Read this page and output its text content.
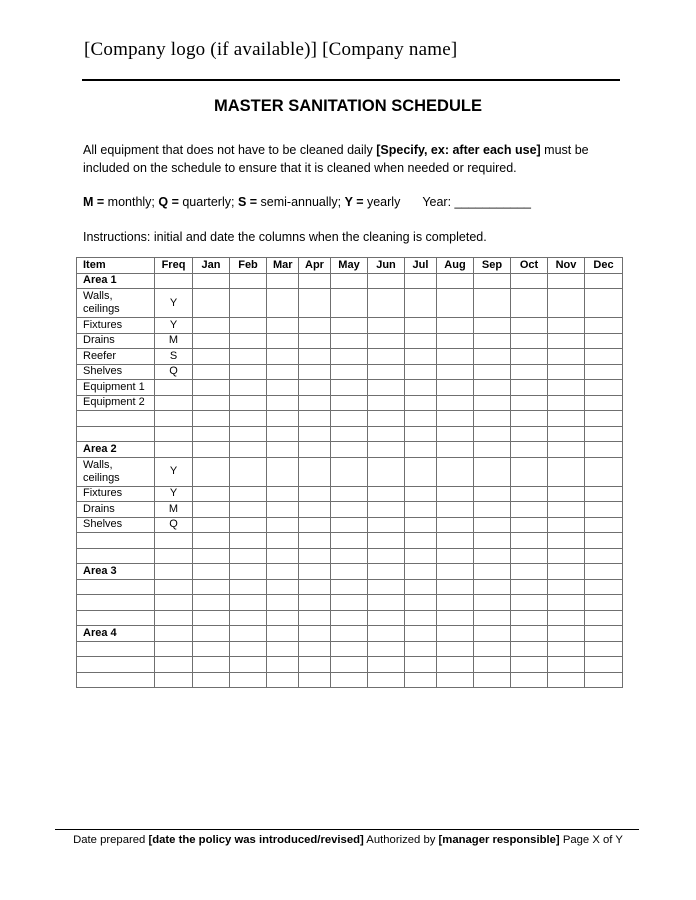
[Company logo (if available)] [Company name]
MASTER SANITATION SCHEDULE
All equipment that does not have to be cleaned daily [Specify, ex: after each use] must be included on the schedule to ensure that it is cleaned when needed or required.
M = monthly; Q = quarterly; S = semi-annually; Y = yearly Year: ___________
Instructions: initial and date the columns when the cleaning is completed.
Item	Freq	Jan	Feb	Mar	Apr	May	Jun	Jul	Aug	Sep	Oct	Nov	Dec
Area 1													
Walls, ceilings	Y												
Fixtures	Y												
Drains	M												
Reefer	S												
Shelves	Q												
Equipment 1													
Equipment 2													

Area 2													
Walls, ceilings	Y												
Fixtures	Y												
Drains	M												
Shelves	Q												

Area 3													

Area 4													

Date prepared [date the policy was introduced/revised] Authorized by [manager responsible] Page X of Y
